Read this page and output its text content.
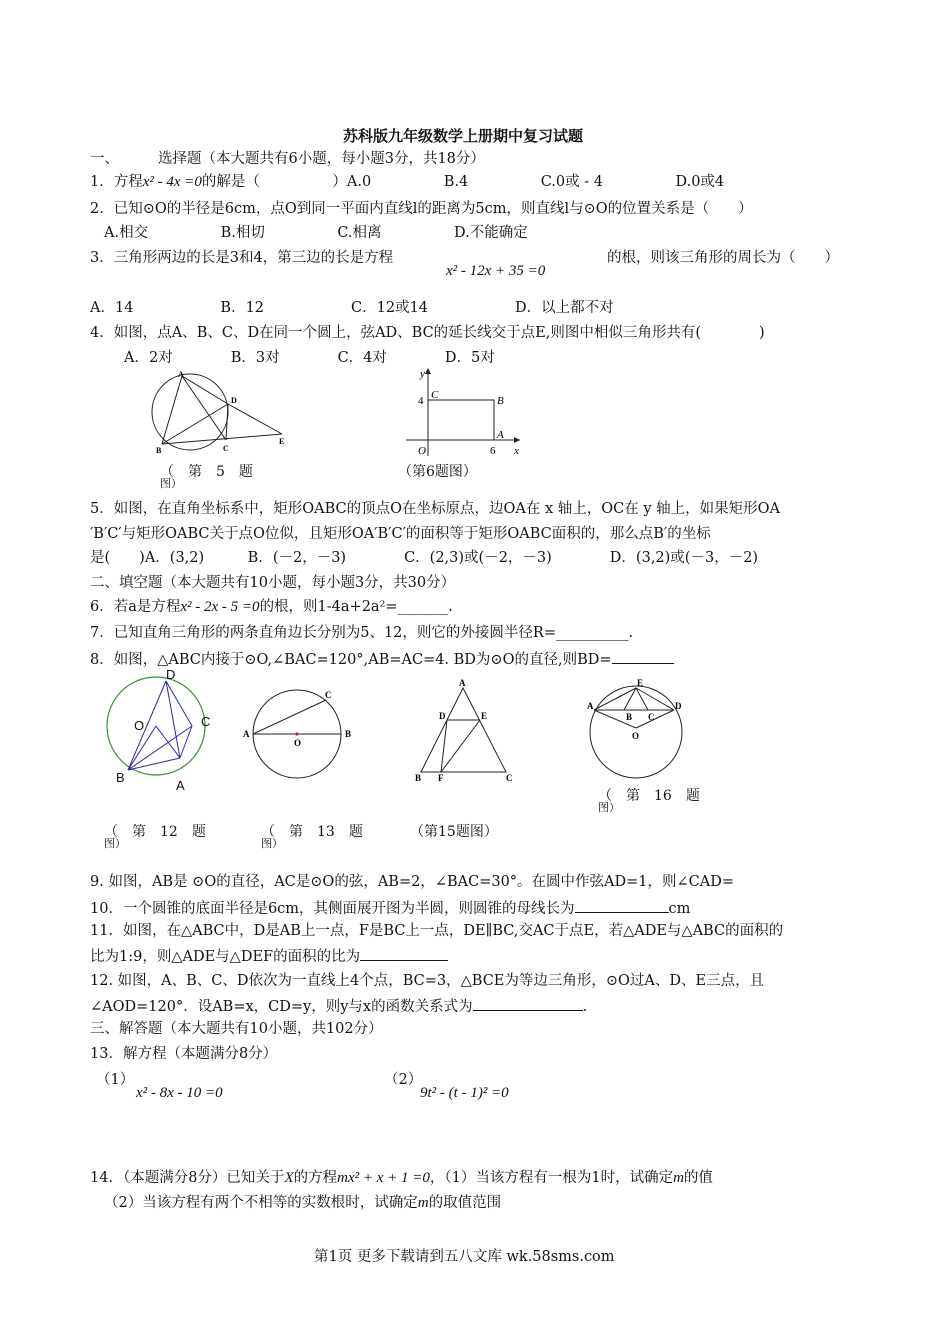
苏科版九年级数学上册期中复习试题
一、	选择题（本大题共有6小题，每小题3分，共18分）
1．方程x² - 4x =0的解是（　　　　　）A.0　　　　　B.4　　　　　C.0或 - 4　　　　　D.0或4
2．已知⊙O的半径是6cm，点O到同一平面内直线l的距离为5cm，则直线l与⊙O的位置关系是（　　）
A.相交　　　　　B.相切　　　　　C.相离　　　　　D.不能确定
3．三角形两边的长是3和4，第三边的长是方程
x² - 12x + 35 =0
的根，则该三角形的周长为（　　）
A．14　　　　　　B．12　　　　　　C．12或14　　　　　　D．以上都不对
4．如图，点A、B、C、D在同一个圆上，弦AD、BC的延长线交于点E,则图中相似三角形共有(　　　　)
A．2对　　　　B．3对　　　　C．4对　　　　D．5对
A
D
B	C
E
（　第　5　题
图）
y
4 C	B
O	6
A
x
（第6题图）
5．如图，在直角坐标系中，矩形OABC的顶点O在坐标原点，边OA在 x 轴上，OC在 y 轴上，如果矩形OA
′B′C′与矩形OABC关于点O位似，且矩形OA′B′C′的面积等于矩形OABC面积的，那么点B′的坐标
是(　　)A．(3,2)　　　B．(－2，－3)　　　　C．(2,3)或(－2，－3)　　　　D．(3,2)或(－3，－2)
二、填空题（本大题共有10小题，每小题3分，共30分）
6．若a是方程x² - 2x - 5 =0的根，则1-4a+2a²=_______.
7．已知直角三角形的两条直角边长分别为5、12，则它的外接圆半径R=__________.
8．如图，△ABC内接于⊙O,∠BAC=120°,AB=AC=4. BD为⊙O的直径,则BD=
D
O	C
B
A
（　第　12　题
图）
C
A
O
B
（　第　13　题
图）
A
D	E
B F	C
（第15题图）
E
A
B C
D
O
（　第　16　题
图）
9. 如图，AB是 ⊙O的直径，AC是⊙O的弦，AB=2，∠BAC=30°。在圆中作弦AD=1，则∠CAD=
10．一个圆锥的底面半径是6cm，其侧面展开图为半圆，则圆锥的母线长为	cm
11．如图，在△ABC中，D是AB上一点，F是BC上一点，DE∥BC,交AC于点E，若△ADE与△ABC的面积的
比为1:9，则△ADE与△DEF的面积的比为
12. 如图，A、B、C、D依次为一直线上4个点，BC=3，△BCE为等边三角形，⊙O过A、D、E三点，且
∠AOD=120°．设AB=x，CD=y，则y与x的函数关系式为	.
三、解答题（本大题共有10小题，共102分）
13．解方程（本题满分8分）
（1）
x² - 8x - 10 =0
（2）
9t² - (t - 1)² =0
14．（本题满分8分）已知关于X的方程mx² + x + 1 =0，（1）当该方程有一根为1时，试确定m的值
（2）当该方程有两个不相等的实数根时，试确定m的取值范围
第1页 更多下载请到五八文库 wk.58sms.com
